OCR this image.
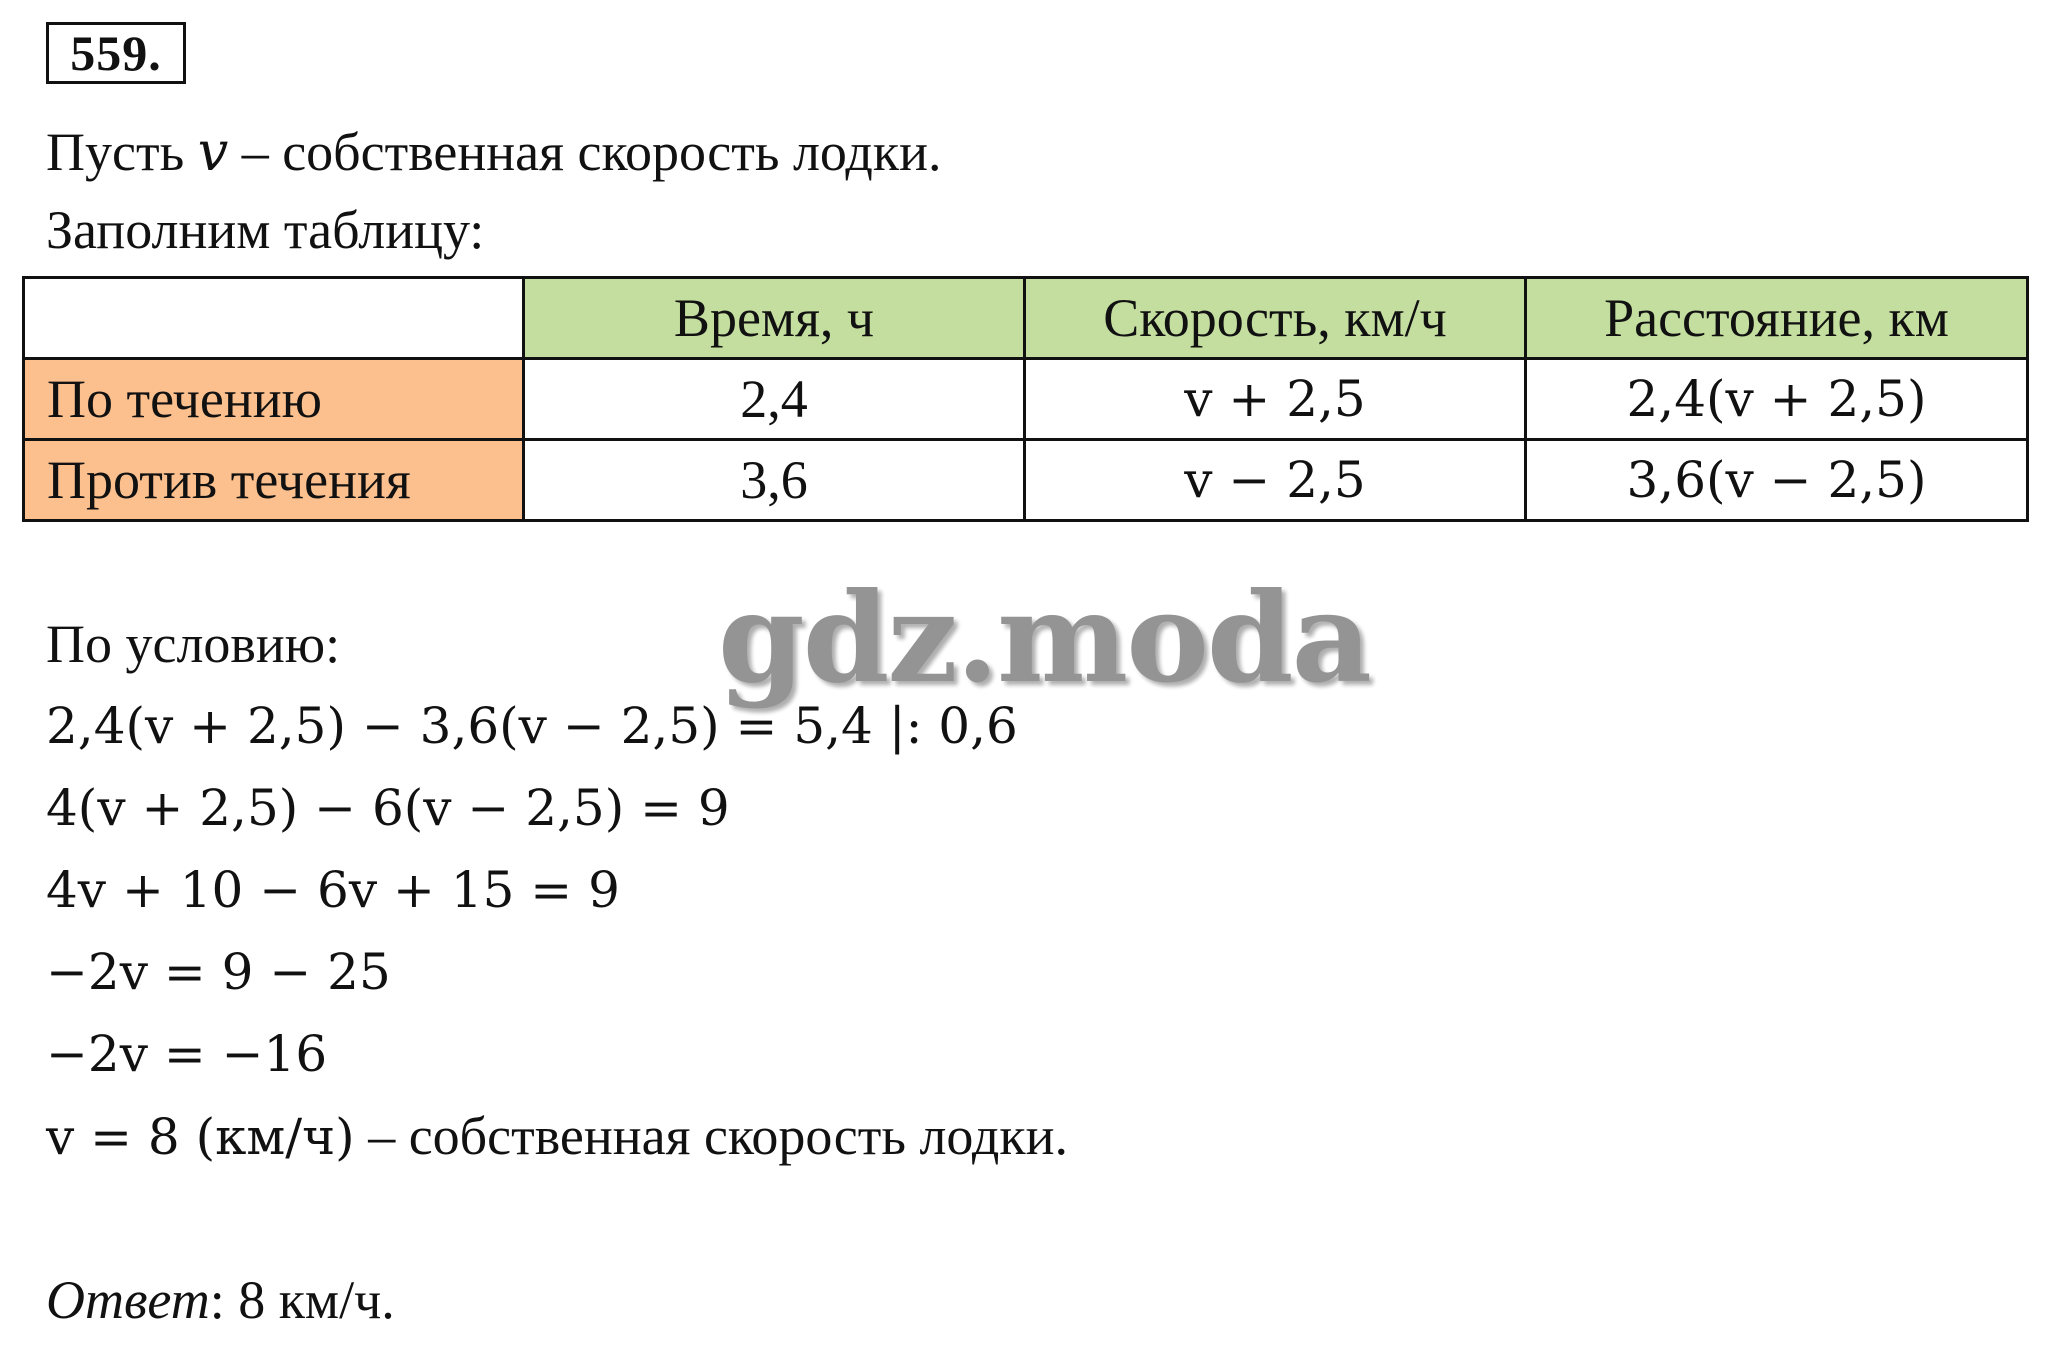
559.
Пусть v – собственная скорость лодки.
Заполним таблицу:
	Время, ч	Скорость, км/ч	Расстояние, км
По течению	2,4	v + 2,5	2,4(v + 2,5)
Против течения	3,6	v − 2,5	3,6(v − 2,5)
По условию:
2,4(v + 2,5) − 3,6(v − 2,5) = 5,4 |: 0,6
4(v + 2,5) − 6(v − 2,5) = 9
4v + 10 − 6v + 15 = 9
−2v = 9 − 25
−2v = −16
v = 8 (км/ч) – собственная скорость лодки.
Ответ: 8 км/ч.
gdz.moda
